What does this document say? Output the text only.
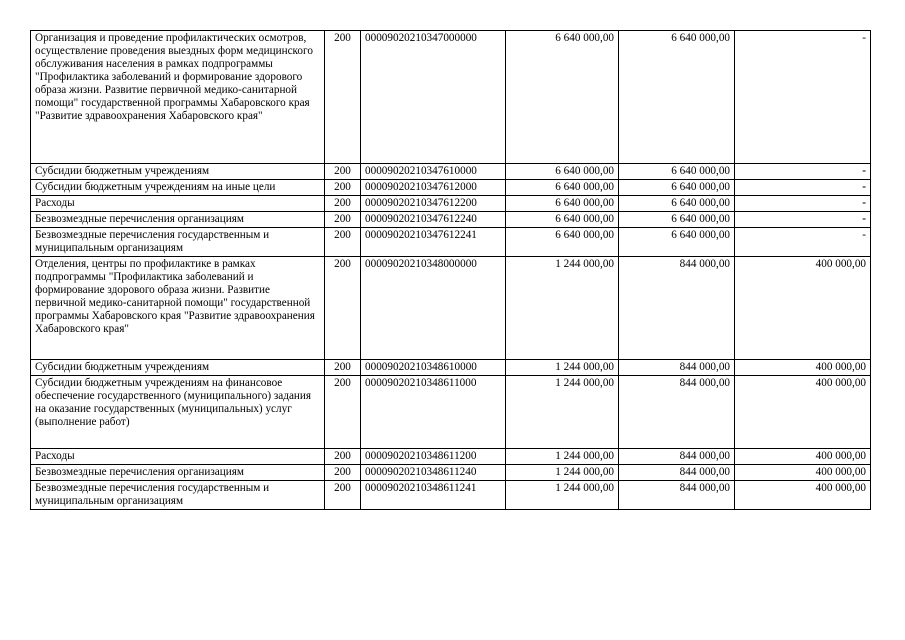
Организация и проведение профилактических осмотров, осуществление проведения выездных форм медицинского обслуживания населения в рамках подпрограммы "Профилактика заболеваний и формирование здорового образа жизни. Развитие первичной медико-санитарной помощи" государственной программы Хабаровского края "Развитие здравоохранения Хабаровского края"	200	00009020210347000000	6 640 000,00	6 640 000,00	-
Субсидии бюджетным учреждениям	200	00009020210347610000	6 640 000,00	6 640 000,00	-
Субсидии бюджетным учреждениям на иные цели	200	00009020210347612000	6 640 000,00	6 640 000,00	-
Расходы	200	00009020210347612200	6 640 000,00	6 640 000,00	-
Безвозмездные перечисления организациям	200	00009020210347612240	6 640 000,00	6 640 000,00	-
Безвозмездные перечисления государственным и муниципальным организациям	200	00009020210347612241	6 640 000,00	6 640 000,00	-
Отделения, центры по профилактике в рамках подпрограммы "Профилактика заболеваний и формирование здорового образа жизни. Развитие первичной медико-санитарной помощи" государственной программы Хабаровского края "Развитие здравоохранения Хабаровского края"	200	00009020210348000000	1 244 000,00	844 000,00	400 000,00
Субсидии бюджетным учреждениям	200	00009020210348610000	1 244 000,00	844 000,00	400 000,00
Субсидии бюджетным учреждениям на финансовое обеспечение государственного (муниципального) задания на оказание государственных (муниципальных) услуг (выполнение работ)	200	00009020210348611000	1 244 000,00	844 000,00	400 000,00
Расходы	200	00009020210348611200	1 244 000,00	844 000,00	400 000,00
Безвозмездные перечисления организациям	200	00009020210348611240	1 244 000,00	844 000,00	400 000,00
Безвозмездные перечисления государственным и муниципальным организациям	200	00009020210348611241	1 244 000,00	844 000,00	400 000,00
